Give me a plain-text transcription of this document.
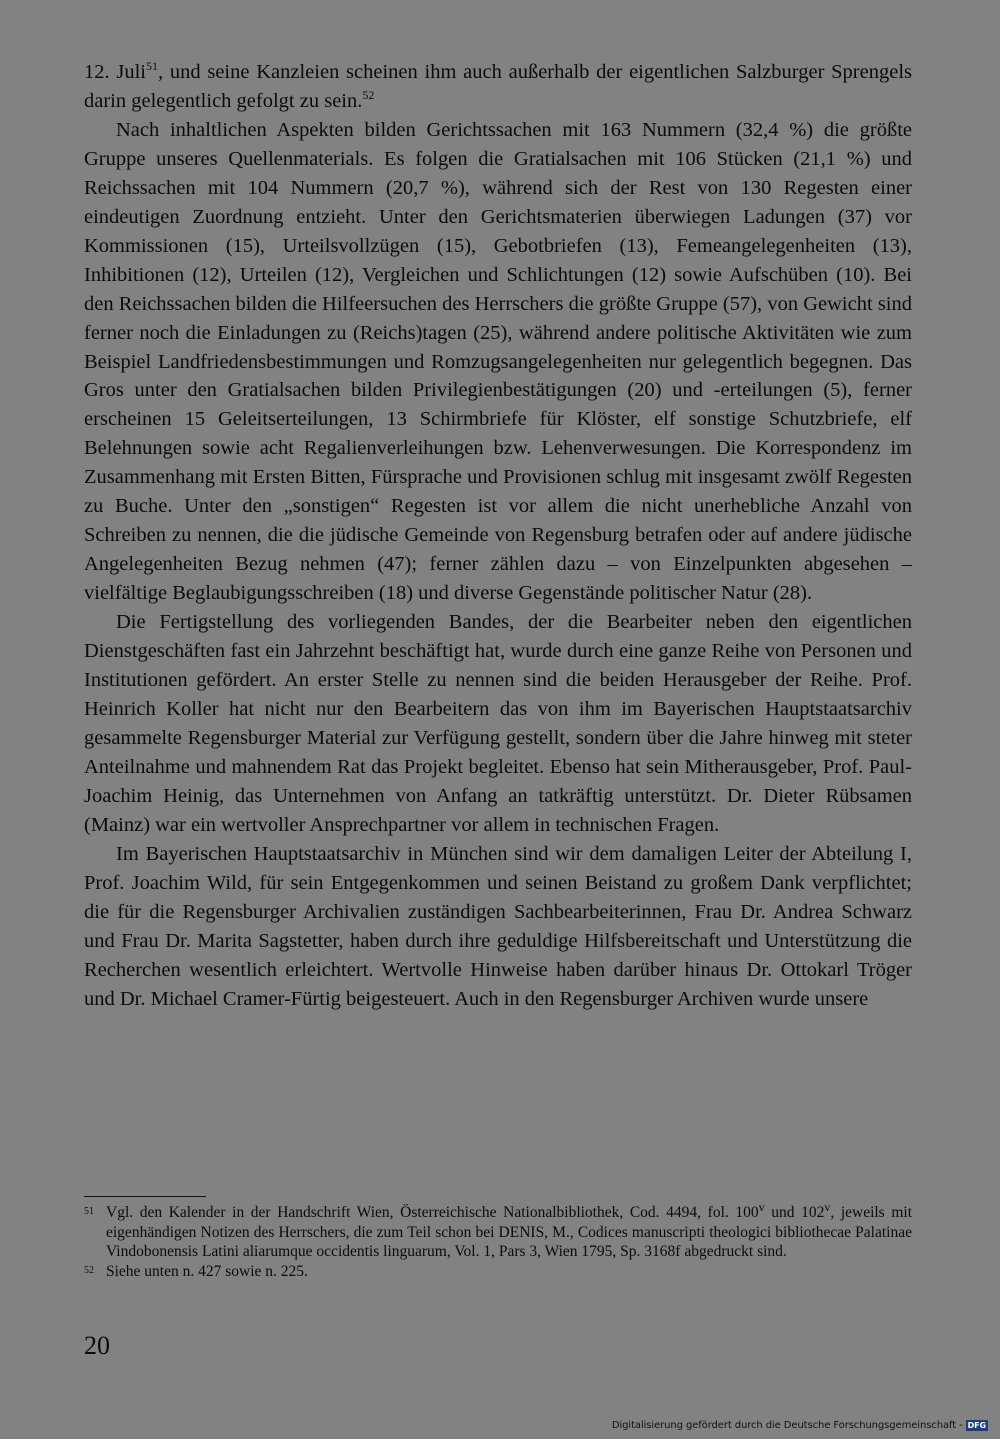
12. Juli$^{51}$, und seine Kanzleien scheinen ihm auch außerhalb der eigentlichen Salzburger Sprengels darin gelegentlich gefolgt zu sein.$^{52}$

Nach inhaltlichen Aspekten bilden Gerichtssachen mit 163 Nummern (32,4 %) die größte Gruppe unseres Quellenmaterials. Es folgen die Gratialsachen mit 106 Stücken (21,1 %) und Reichssachen mit 104 Nummern (20,7 %), während sich der Rest von 130 Regesten einer eindeutigen Zuordnung entzieht. Unter den Gerichtsmaterien überwiegen Ladungen (37) vor Kommissionen (15), Urteilsvollzügen (15), Gebotbriefen (13), Femeangelegenheiten (13), Inhibitionen (12), Urteilen (12), Vergleichen und Schlichtungen (12) sowie Aufschüben (10). Bei den Reichssachen bilden die Hilfeersuchen des Herrschers die größte Gruppe (57), von Gewicht sind ferner noch die Einladungen zu (Reichs)tagen (25), während andere politische Aktivitäten wie zum Beispiel Landfriedensbestimmungen und Romzugsangelegenheiten nur gelegentlich begegnen. Das Gros unter den Gratialsachen bilden Privilegienbestätigungen (20) und -erteilungen (5), ferner erscheinen 15 Geleitserteilungen, 13 Schirmbriefe für Klöster, elf sonstige Schutzbriefe, elf Belehnungen sowie acht Regalienverleihungen bzw. Lehenverwesungen. Die Korrespondenz im Zusammenhang mit Ersten Bitten, Fürsprache und Provisionen schlug mit insgesamt zwölf Regesten zu Buche. Unter den „sonstigen“ Regesten ist vor allem die nicht unerhebliche Anzahl von Schreiben zu nennen, die die jüdische Gemeinde von Regensburg betrafen oder auf andere jüdische Angelegenheiten Bezug nehmen (47); ferner zählen dazu – von Einzelpunkten abgesehen – vielfältige Beglaubigungsschreiben (18) und diverse Gegenstände politischer Natur (28).

Die Fertigstellung des vorliegenden Bandes, der die Bearbeiter neben den eigentlichen Dienstgeschäften fast ein Jahrzehnt beschäftigt hat, wurde durch eine ganze Reihe von Personen und Institutionen gefördert. An erster Stelle zu nennen sind die beiden Herausgeber der Reihe. Prof. Heinrich Koller hat nicht nur den Bearbeitern das von ihm im Bayerischen Hauptstaatsarchiv gesammelte Regensburger Material zur Verfügung gestellt, sondern über die Jahre hinweg mit steter Anteilnahme und mahnendem Rat das Projekt begleitet. Ebenso hat sein Mitherausgeber, Prof. Paul-Joachim Heinig, das Unternehmen von Anfang an tatkräftig unterstützt. Dr. Dieter Rübsamen (Mainz) war ein wertvoller Ansprechpartner vor allem in technischen Fragen.

Im Bayerischen Hauptstaatsarchiv in München sind wir dem damaligen Leiter der Abteilung I, Prof. Joachim Wild, für sein Entgegenkommen und seinen Beistand zu großem Dank verpflichtet; die für die Regensburger Archivalien zuständigen Sachbearbeiterinnen, Frau Dr. Andrea Schwarz und Frau Dr. Marita Sagstetter, haben durch ihre geduldige Hilfsbereitschaft und Unterstützung die Recherchen wesentlich erleichtert. Wertvolle Hinweise haben darüber hinaus Dr. Ottokarl Tröger und Dr. Michael Cramer-Fürtig beigesteuert. Auch in den Regensburger Archiven wurde unsere

51 Vgl. den Kalender in der Handschrift Wien, Österreichische Nationalbibliothek, Cod. 4494, fol. 100$^v$ und 102$^v$, jeweils mit eigenhändigen Notizen des Herrschers, die zum Teil schon bei DENIS, M., Codices manuscripti theologici bibliothecae Palatinae Vindobonensis Latini aliarumque occidentis linguarum, Vol. 1, Pars 3, Wien 1795, Sp. 3168f abgedruckt sind.
52 Siehe unten n. 427 sowie n. 225.
20
Digitalisierung gefördert durch die Deutsche Forschungsgemeinschaft - DFG
